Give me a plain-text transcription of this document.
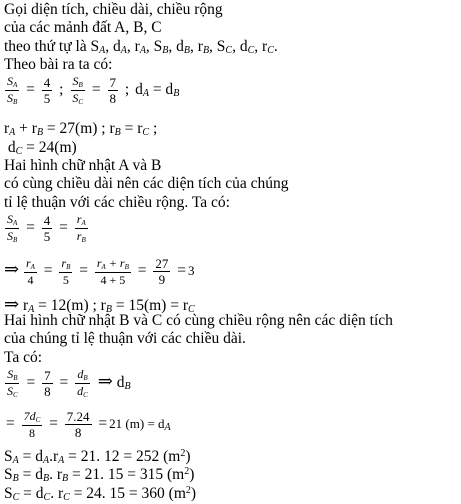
Gọi diện tích, chiều dài, chiều rộng
của các mảnh đất A, B, C
theo thứ tự là $S_A$, $d_A$, $r_A$, $S_B$, $d_B$, $r_B$, $S_C$, $d_C$, $r_C$.
Theo bài ra ta có:
$\frac{S_A}{S_B} = \frac{4}{5}$ ; $\frac{S_B}{S_C} = \frac{7}{8}$ ; $d_A = d_B$
$r_A + r_B = 27(m)$ ; $r_B = r_C$ ;
$d_C = 24(m)$
Hai hình chữ nhật A và B
có cùng chiều dài nên các diện tích của chúng
tỉ lệ thuận với các chiều rộng. Ta có:
$\frac{S_A}{S_B} = \frac{4}{5} = \frac{r_A}{r_B}$
⇒ $\frac{r_A}{4} = \frac{r_B}{5} = \frac{r_A + r_B}{4 + 5} = \frac{27}{9} = 3$
⇒ $r_A = 12(m)$ ; $r_B = 15(m) = r_C$
Hai hình chữ nhật B và C có cùng chiều rộng nên các diện tích
của chúng tỉ lệ thuận với các chiều dài.
Ta có:
$\frac{S_B}{S_C} = \frac{7}{8} = \frac{d_B}{d_C}$ ⇒ $d_B$
= $\frac{7d_C}{8} = \frac{7.24}{8} = 21$ $(m) = d_A$
$S_A = d_A.r_A = 21$. 12 = 252 $(m^2)$
$S_B = d_B$. $r_B = 21$. 15 = 315 $(m^2)$
$S_C = d_C$. $r_C = 24$. 15 = 360 $(m^2)$
